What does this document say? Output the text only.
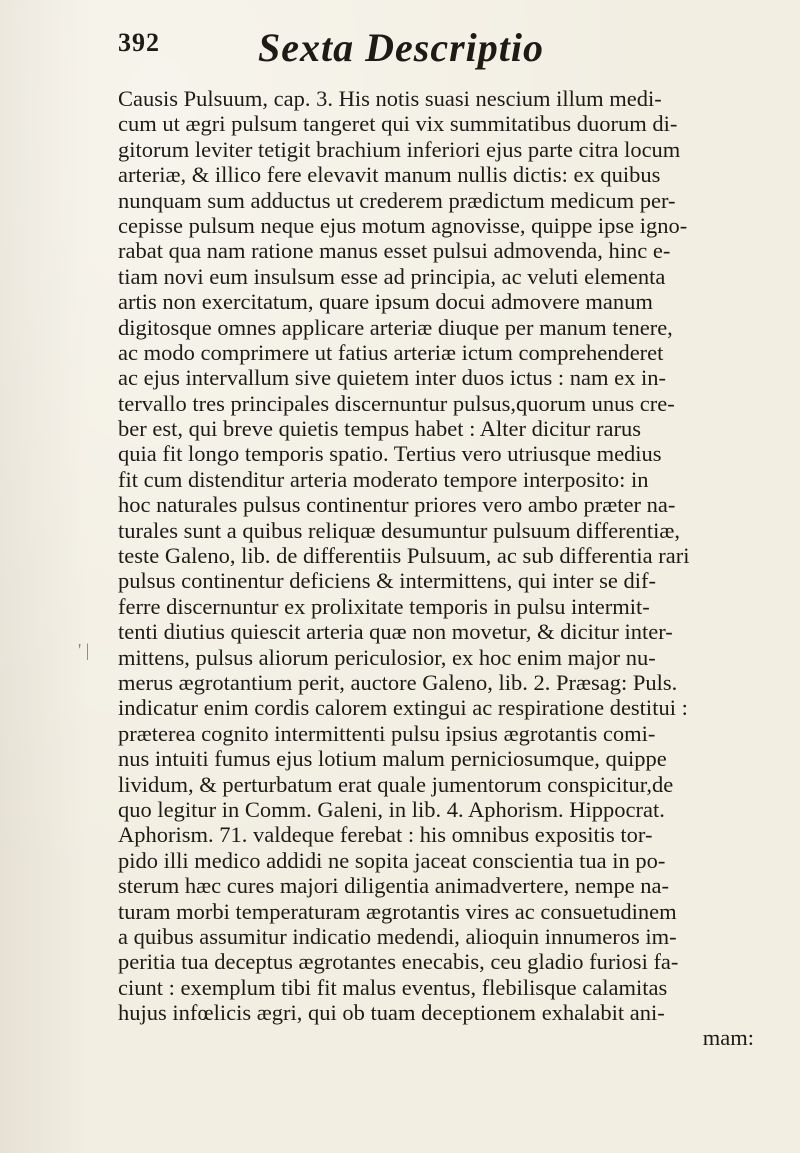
392	Sexta Descriptio
' |
Causis Pulsuum, cap. 3. His notis suasi nescium illum medi-
cum ut ægri pulsum tangeret qui vix summitatibus duorum di-
gitorum leviter tetigit brachium inferiori ejus parte citra locum
arteriæ, & illico fere elevavit manum nullis dictis: ex quibus
nunquam sum adductus ut crederem prædictum medicum per-
cepisse pulsum neque ejus motum agnovisse, quippe ipse igno-
rabat qua nam ratione manus esset pulsui admovenda, hinc e-
tiam novi eum insulsum esse ad principia, ac veluti elementa
artis non exercitatum, quare ipsum docui admovere manum
digitosque omnes applicare arteriæ diuque per manum tenere,
ac modo comprimere ut fatius arteriæ ictum comprehenderet
ac ejus intervallum sive quietem inter duos ictus : nam ex in-
tervallo tres principales discernuntur pulsus,quorum unus cre-
ber est, qui breve quietis tempus habet : Alter dicitur rarus
quia fit longo temporis spatio. Tertius vero utriusque medius
fit cum distenditur arteria moderato tempore interposito: in
hoc naturales pulsus continentur priores vero ambo præter na-
turales sunt a quibus reliquæ desumuntur pulsuum differentiæ,
teste Galeno, lib. de differentiis Pulsuum, ac sub differentia rari
pulsus continentur deficiens & intermittens, qui inter se dif-
ferre discernuntur ex prolixitate temporis in pulsu intermit-
tenti diutius quiescit arteria quæ non movetur, & dicitur inter-
mittens, pulsus aliorum periculosior, ex hoc enim major nu-
merus ægrotantium perit, auctore Galeno, lib. 2. Præsag: Puls.
indicatur enim cordis calorem extingui ac respiratione destitui :
præterea cognito intermittenti pulsu ipsius ægrotantis comi-
nus intuiti fumus ejus lotium malum perniciosumque, quippe
lividum, & perturbatum erat quale jumentorum conspicitur,de
quo legitur in Comm. Galeni, in lib. 4. Aphorism. Hippocrat.
Aphorism. 71. valdeque ferebat : his omnibus expositis tor-
pido illi medico addidi ne sopita jaceat conscientia tua in po-
sterum hæc cures majori diligentia animadvertere, nempe na-
turam morbi temperaturam ægrotantis vires ac consuetudinem
a quibus assumitur indicatio medendi, alioquin innumeros im-
peritia tua deceptus ægrotantes enecabis, ceu gladio furiosi fa-
ciunt : exemplum tibi fit malus eventus, flebilisque calamitas
hujus infœlicis ægri, qui ob tuam deceptionem exhalabit ani-
mam:
